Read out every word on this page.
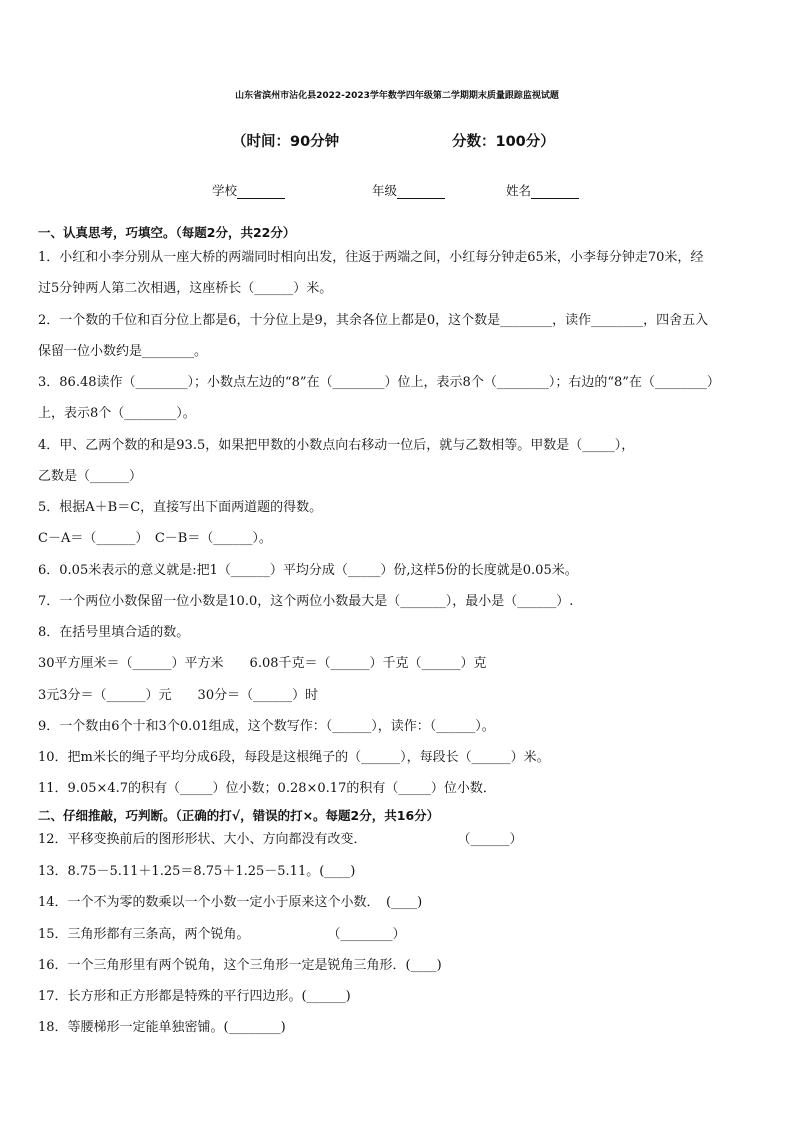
山东省滨州市沾化县2022-2023学年数学四年级第二学期期末质量跟踪监视试题
（时间：90分钟	分数：100分）
学校	年级	姓名
一、认真思考，巧填空。（每题2分，共22分）
1．小红和小李分别从一座大桥的两端同时相向出发，往返于两端之间，小红每分钟走65米，小李每分钟走70米，经
过5分钟两人第二次相遇，这座桥长（______）米。
2．一个数的千位和百分位上都是6，十分位上是9，其余各位上都是0，这个数是________，读作________，四舍五入
保留一位小数约是________。
3．86.48读作（________）；小数点左边的“8”在（________）位上，表示8个（________）；右边的“8”在（________）
上，表示8个（________）。
4．甲、乙两个数的和是93.5，如果把甲数的小数点向右移动一位后，就与乙数相等。甲数是（_____），
乙数是（______）
5．根据A＋B＝C，直接写出下面两道题的得数。
C－A＝（______）　C－B＝（______）。
6．0.05米表示的意义就是:把1（______）平均分成（_____）份,这样5份的长度就是0.05米。
7．一个两位小数保留一位小数是10.0，这个两位小数最大是（_______），最小是（______）.
8．在括号里填合适的数。
30平方厘米＝（______）平方米　　6.08千克＝（______）千克（______）克
3元3分＝（______）元　　30分＝（______）时
9．一个数由6个十和3个0.01组成，这个数写作：（______），读作：（______）。
10．把m米长的绳子平均分成6段，每段是这根绳子的（______），每段长（______）米。
11．9.05×4.7的积有（_____）位小数；0.28×0.17的积有（_____）位小数．
二、仔细推敲，巧判断。（正确的打√，错误的打×。每题2分，共16分）
12．平移变换前后的图形形状、大小、方向都没有改变．　　　　　　　　（______）
13．8.75－5.11＋1.25＝8.75＋1.25－5.11。(____)
14．一个不为零的数乘以一个小数一定小于原来这个小数．　(____)
15．三角形都有三条高，两个锐角。　　　　　　　（________）
16．一个三角形里有两个锐角，这个三角形一定是锐角三角形．(____)
17．长方形和正方形都是特殊的平行四边形。(______)
18．等腰梯形一定能单独密铺。(________)
